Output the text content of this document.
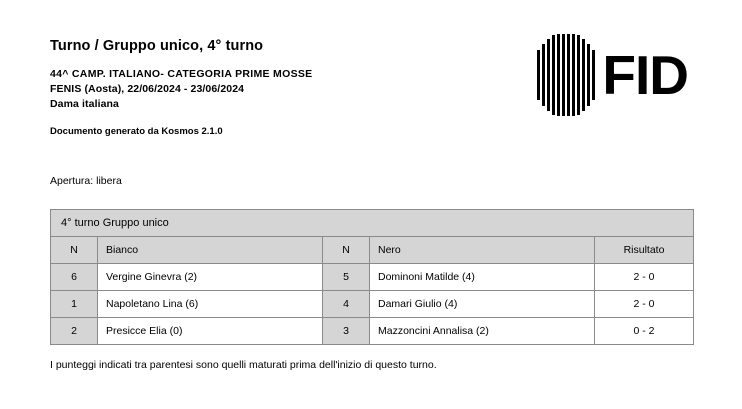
Turno / Gruppo unico, 4° turno
44^ CAMP. ITALIANO- CATEGORIA PRIME MOSSE
FENIS (Aosta), 22/06/2024 - 23/06/2024
Dama italiana
Documento generato da Kosmos 2.1.0
FID
Apertura: libera
4° turno Gruppo unico				
N	Bianco	N	Nero	Risultato
6	Vergine Ginevra (2)	5	Dominoni Matilde (4)	2 - 0
1	Napoletano Lina (6)	4	Damari Giulio (4)	2 - 0
2	Presicce Elia (0)	3	Mazzoncini Annalisa (2)	0 - 2
I punteggi indicati tra parentesi sono quelli maturati prima dell'inizio di questo turno.
